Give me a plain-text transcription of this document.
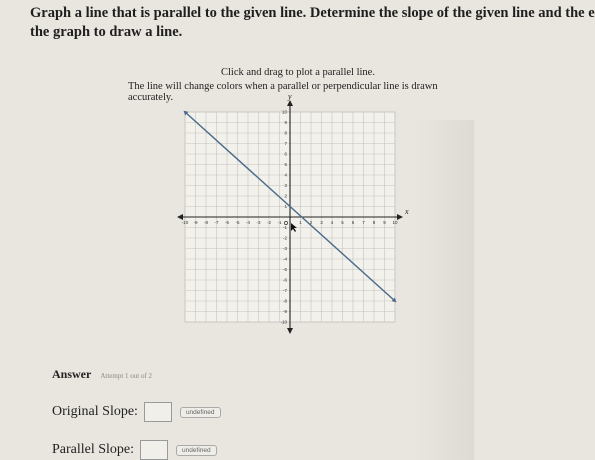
Graph a line that is parallel to the given line. Determine the slope of the given line and the e
the graph to draw a line.
Click and drag to plot a parallel line.
The line will change colors when a parallel or perpendicular line is drawn accurately.
x
y
-10 -9 -8 -7 -6 -5 -4 -3 -2 -1	1 2 3 4 5 6 7 8 9 10
10
9
8
7
6
5
4
3
2
1
-1
-2
-3
-4
-5
-6
-7
-8
-9
-10
Answer Attempt 1 out of 2
Original Slope:	undefined
Parallel Slope:	undefined
